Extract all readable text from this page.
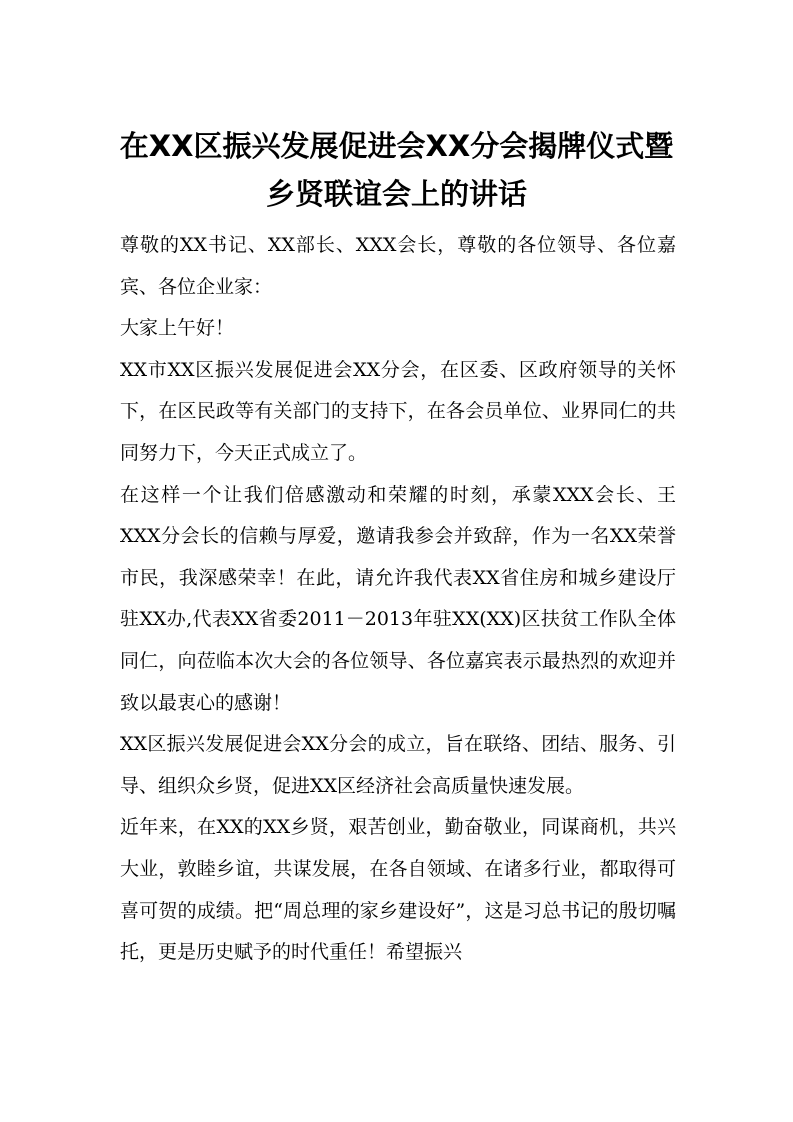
在XX区振兴发展促进会XX分会揭牌仪式暨
乡贤联谊会上的讲话

尊敬的XX书记、XX部长、XXX会长，尊敬的各位领导、各位嘉宾、各位企业家：

大家上午好！

XX市XX区振兴发展促进会XX分会，在区委、区政府领导的关怀下，在区民政等有关部门的支持下，在各会员单位、业界同仁的共同努力下，今天正式成立了。

在这样一个让我们倍感激动和荣耀的时刻，承蒙XXX会长、王XXX分会长的信赖与厚爱，邀请我参会并致辞，作为一名XX荣誉市民，我深感荣幸！在此，请允许我代表XX省住房和城乡建设厅驻XX办,代表XX省委2011－2013年驻XX(XX)区扶贫工作队全体同仁，向莅临本次大会的各位领导、各位嘉宾表示最热烈的欢迎并致以最衷心的感谢！

XX区振兴发展促进会XX分会的成立，旨在联络、团结、服务、引导、组织众乡贤，促进XX区经济社会高质量快速发展。

近年来，在XX的XX乡贤，艰苦创业，勤奋敬业，同谋商机，共兴大业，敦睦乡谊，共谋发展，在各自领域、在诸多行业，都取得可喜可贺的成绩。把“周总理的家乡建设好”，这是习总书记的殷切嘱托，更是历史赋予的时代重任！希望振兴
